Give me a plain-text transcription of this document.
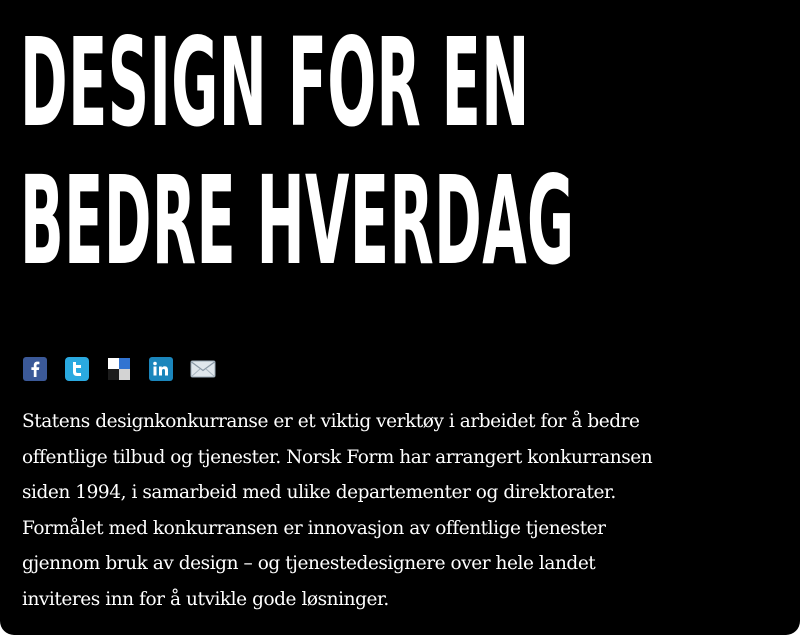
DESIGN FOR EN
BEDRE HVERDAG

Statens designkonkurranse er et viktig verktøy i arbeidet for å bedre
offentlige tilbud og tjenester. Norsk Form har arrangert konkurransen
siden 1994, i samarbeid med ulike departementer og direktorater.
Formålet med konkurransen er innovasjon av offentlige tjenester
gjennom bruk av design – og tjenestedesignere over hele landet
inviteres inn for å utvikle gode løsninger.
